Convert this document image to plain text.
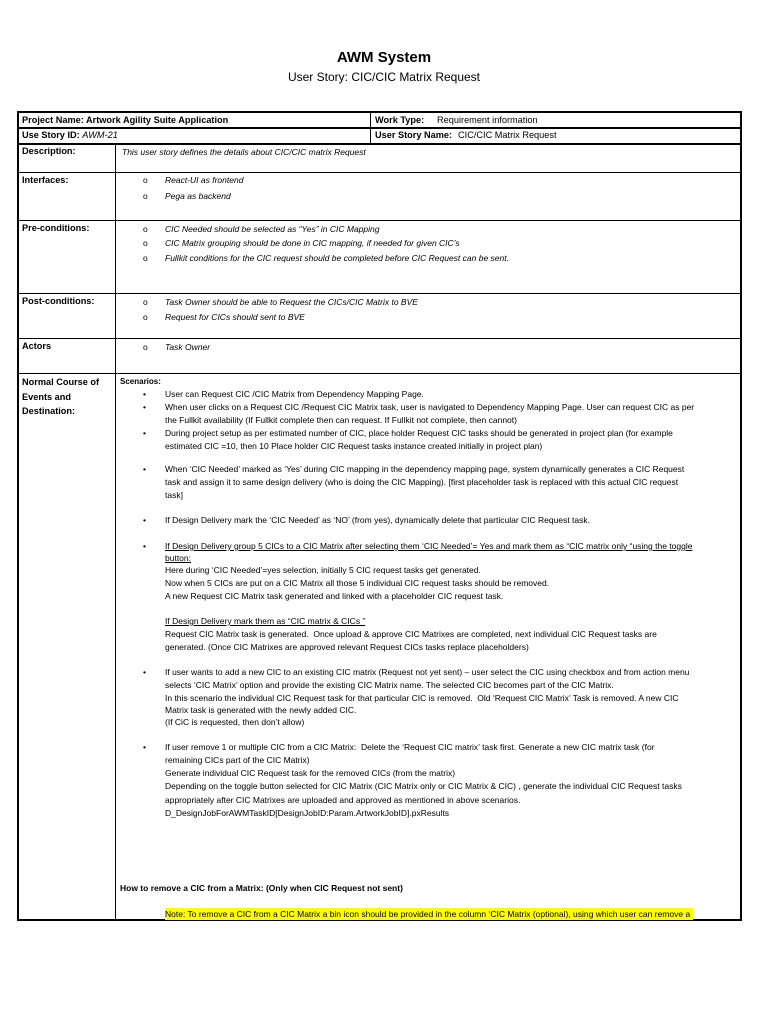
AWM System
User Story: CIC/CIC Matrix Request
Project Name: Artwork Agility Suite Application	Work Type: Requirement information
Use Story ID: AWM-21	User Story Name: CIC/CIC Matrix Request
Description:	This user story defines the details about CIC/CIC matrix Request
Interfaces:	o React-UI as frontend
o Pega as backend
Pre-conditions:	o CIC Needed should be selected as “Yes” in CIC Mapping
o CIC Matrix grouping should be done in CIC mapping, if needed for given CIC’s
o Fullkit conditions for the CIC request should be completed before CIC Request can be sent.
Post-conditions:	o Task Owner should be able to Request the CICs/CIC Matrix to BVE
o Request for CICs should sent to BVE
Actors	o Task Owner
Normal Course of
Events and
Destination:
Scenarios:
• User can Request CIC /CIC Matrix from Dependency Mapping Page.
• When user clicks on a Request CIC /Request CIC Matrix task, user is navigated to Dependency Mapping Page. User can request CIC as per
the Fullkit availability (If Fullkit complete then can request. If Fullkit not complete, then cannot)
• During project setup as per estimated number of CIC, place holder Request CIC tasks should be generated in project plan (for example
estimated CIC =10, then 10 Place holder CIC Request tasks instance created initially in project plan)
• When ‘CIC Needed’ marked as ‘Yes’ during CIC mapping in the dependency mapping page, system dynamically generates a CIC Request
task and assign it to same design delivery (who is doing the CIC Mapping). [first placeholder task is replaced with this actual CIC request
task]
• If Design Delivery mark the ‘CIC Needed’ as ‘NO’ (from yes), dynamically delete that particular CIC Request task.
• If Design Delivery group 5 CICs to a CIC Matrix after selecting them ‘CIC Needed’= Yes and mark them as “CIC matrix only “using the toggle
button:
Here during ‘CIC Needed’=yes selection, initially 5 CIC request tasks get generated.
Now when 5 CICs are put on a CIC Matrix all those 5 individual CIC request tasks should be removed.
A new Request CIC Matrix task generated and linked with a placeholder CIC request task.
If Design Delivery mark them as “CIC matrix & CICs ”
Request CIC Matrix task is generated.  Once upload & approve CIC Matrixes are completed, next individual CIC Request tasks are
generated. (Once CIC Matrixes are approved relevant Request CICs tasks replace placeholders)
• If user wants to add a new CIC to an existing CIC matrix (Request not yet sent) – user select the CIC using checkbox and from action menu
selects ‘CIC Matrix’ option and provide the existing CIC Matrix name. The selected CIC becomes part of the CIC Matrix.
In this scenario the individual CIC Request task for that particular CIC is removed.  Old ‘Request CIC Matrix’ Task is removed. A new CIC
Matrix task is generated with the newly added CIC.
(If CiC is requested, then don’t allow)
• If user remove 1 or multiple CIC from a CIC Matrix:  Delete the ‘Request CIC matrix’ task first. Generate a new CIC matrix task (for
remaining CICs part of the CIC Matrix)
Generate individual CIC Request task for the removed CICs (from the matrix)
Depending on the toggle button selected for CIC Matrix (CIC Matrix only or CIC Matrix & CIC) , generate the individual CIC Request tasks
appropriately after CIC Matrixes are uploaded and approved as mentioned in above scenarios.
D_DesignJobForAWMTaskID[DesignJobID:Param.ArtworkJobID].pxResults
How to remove a CIC from a Matrix: (Only when CIC Request not sent)
Note: To remove a CIC from a CIC Matrix a bin icon should be provided in the column ‘CIC Matrix (optional), using which user can remove a
